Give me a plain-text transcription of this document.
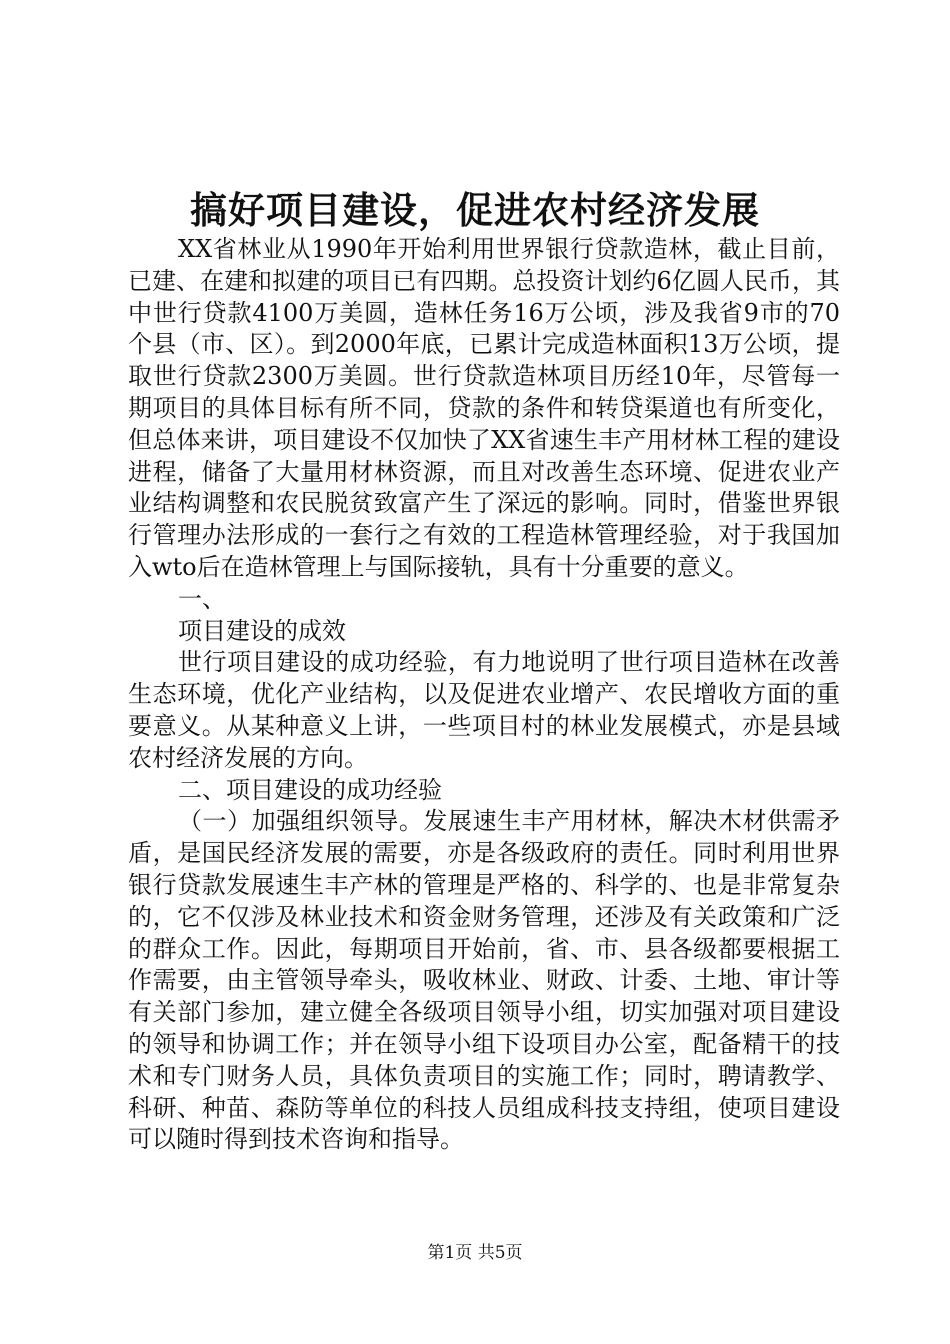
搞好项目建设，促进农村经济发展

XX省林业从1990年开始利用世界银行贷款造林，截止目前，已建、在建和拟建的项目已有四期。总投资计划约6亿圆人民币，其中世行贷款4100万美圆，造林任务16万公顷，涉及我省9市的70个县（市、区）。到2000年底，已累计完成造林面积13万公顷，提取世行贷款2300万美圆。世行贷款造林项目历经10年，尽管每一期项目的具体目标有所不同，贷款的条件和转贷渠道也有所变化，但总体来讲，项目建设不仅加快了XX省速生丰产用材林工程的建设进程，储备了大量用材林资源，而且对改善生态环境、促进农业产业结构调整和农民脱贫致富产生了深远的影响。同时，借鉴世界银行管理办法形成的一套行之有效的工程造林管理经验，对于我国加入wto后在造林管理上与国际接轨，具有十分重要的意义。

一、

项目建设的成效

世行项目建设的成功经验，有力地说明了世行项目造林在改善生态环境，优化产业结构，以及促进农业增产、农民增收方面的重要意义。从某种意义上讲，一些项目村的林业发展模式，亦是县域农村经济发展的方向。

二、项目建设的成功经验

（一）加强组织领导。发展速生丰产用材林，解决木材供需矛盾，是国民经济发展的需要，亦是各级政府的责任。同时利用世界银行贷款发展速生丰产林的管理是严格的、科学的、也是非常复杂的，它不仅涉及林业技术和资金财务管理，还涉及有关政策和广泛的群众工作。因此，每期项目开始前，省、市、县各级都要根据工作需要，由主管领导牵头，吸收林业、财政、计委、土地、审计等有关部门参加，建立健全各级项目领导小组，切实加强对项目建设的领导和协调工作；并在领导小组下设项目办公室，配备精干的技术和专门财务人员，具体负责项目的实施工作；同时，聘请教学、科研、种苗、森防等单位的科技人员组成科技支持组，使项目建设可以随时得到技术咨询和指导。

第1页 共5页
